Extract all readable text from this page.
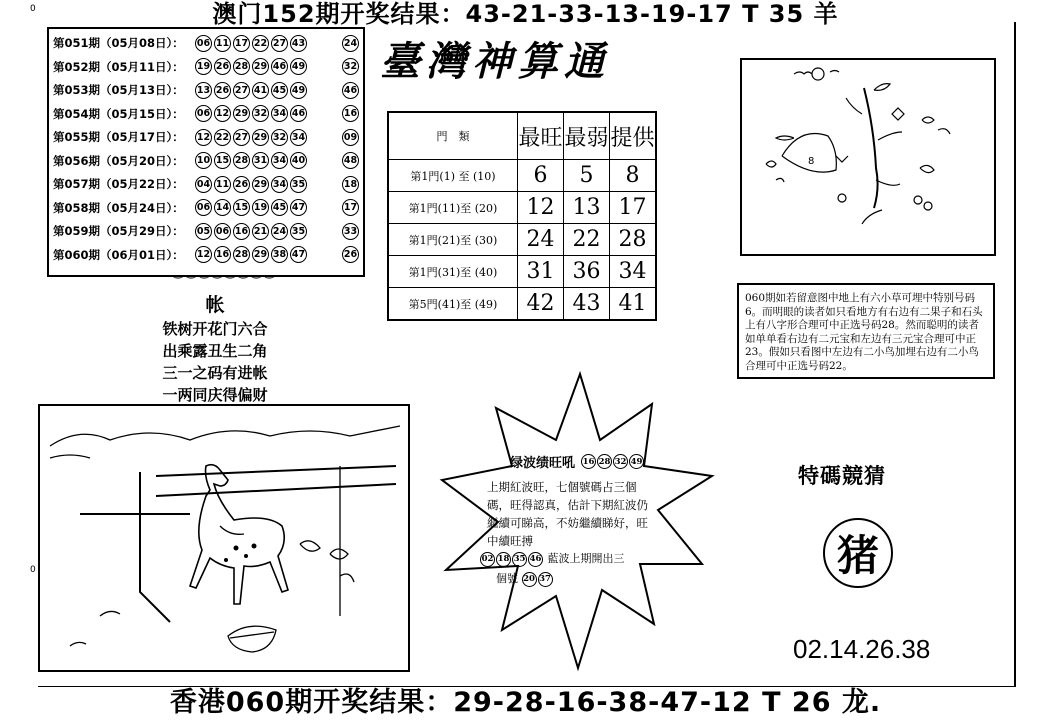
澳门152期开奖结果：43-21-33-13-19-17 T 35 羊
0
0
第051期（05月08日）：	06 11 17 22 27 43	24
第052期（05月11日）：	19 26 28 29 46 49	32
第053期（05月13日）：	13 26 27 41 45 49	46
第054期（05月15日）：	06 12 29 32 34 46	16
第055期（05月17日）：	12 22 27 29 32 34	09
第056期（05月20日）：	10 15 28 31 34 40	48
第057期（05月22日）：	04 11 26 29 34 35	18
第058期（05月24日）：	06 14 15 19 45 47	17
第059期（05月29日）：	05 06 16 21 24 35	33
第060期（06月01日）：	12 16 28 29 38 47	26
‿‿‿‿‿‿‿‿
臺灣神算通
門　類	最旺	最弱	提供
第1門(1) 至 (10)	6	5	8
第1門(11)至 (20)	12	13	17
第1門(21)至 (30)	24	22	28
第1門(31)至 (40)	31	36	34
第5門(41)至 (49)	42	43	41
8
060期如若留意图中地上有六小草可埋中特别号码6。而明眼的读者如只看地方有右边有二果子和石头上有八字形合理可中正选号码28。然而聪明的读者如单单看右边有二元宝和左边有三元宝合理可中正23。假如只看图中左边有二小鸟加埋右边有二小鸟合理可中正选号码22。
帐
铁树开花门六合
出乘露丑生二角
三一之码有进帐
一两同庆得偏财
绿波绩旺吼 16 28 32 49
上期紅波旺，七個號碼占三個碼，旺得認真，估計下期紅波仍繼續可睇高，不妨繼續睇好，旺中續旺搏
02 18 35 46 藍波上期開出三
個號 20 37
特碼競猜
猪
02.14.26.38
香港060期开奖结果：29-28-16-38-47-12 T 26 龙.
